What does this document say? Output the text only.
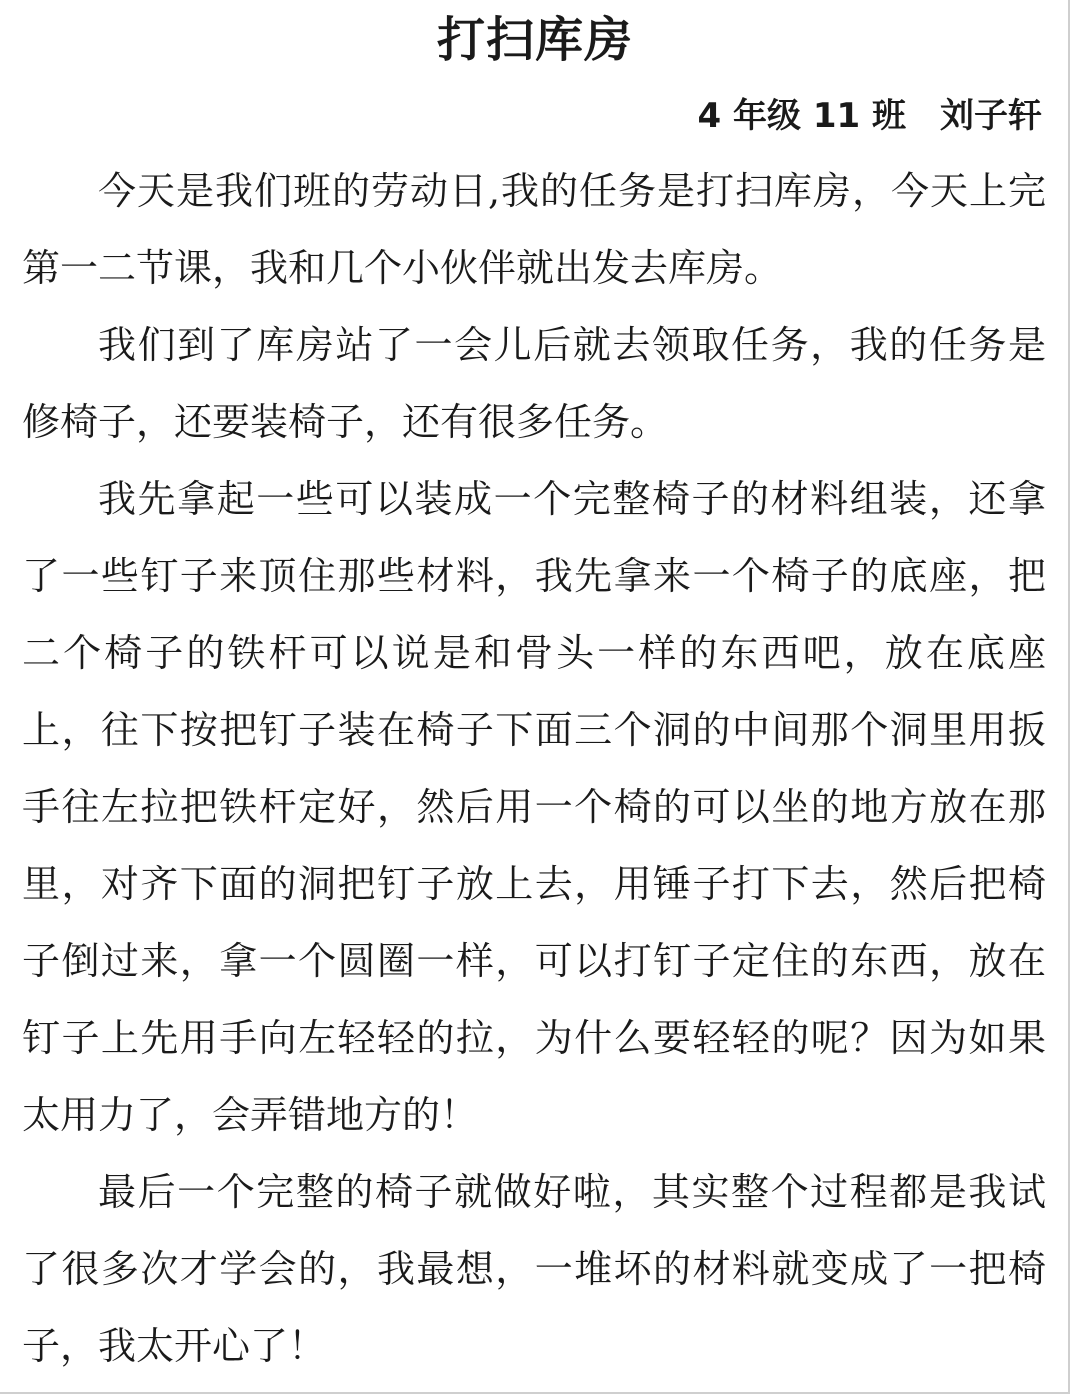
打扫库房
4 年级 11 班　刘子轩

今天是我们班的劳动日,我的任务是打扫库房，今天上完第一二节课，我和几个小伙伴就出发去库房。

我们到了库房站了一会儿后就去领取任务，我的任务是修椅子，还要装椅子，还有很多任务。

我先拿起一些可以装成一个完整椅子的材料组装，还拿了一些钉子来顶住那些材料，我先拿来一个椅子的底座，把二个椅子的铁杆可以说是和骨头一样的东西吧，放在底座上，往下按把钉子装在椅子下面三个洞的中间那个洞里用扳手往左拉把铁杆定好，然后用一个椅的可以坐的地方放在那里，对齐下面的洞把钉子放上去，用锤子打下去，然后把椅子倒过来，拿一个圆圈一样，可以打钉子定住的东西，放在钉子上先用手向左轻轻的拉，为什么要轻轻的呢？因为如果太用力了，会弄错地方的！

最后一个完整的椅子就做好啦，其实整个过程都是我试了很多次才学会的，我最想，一堆坏的材料就变成了一把椅子，我太开心了！
